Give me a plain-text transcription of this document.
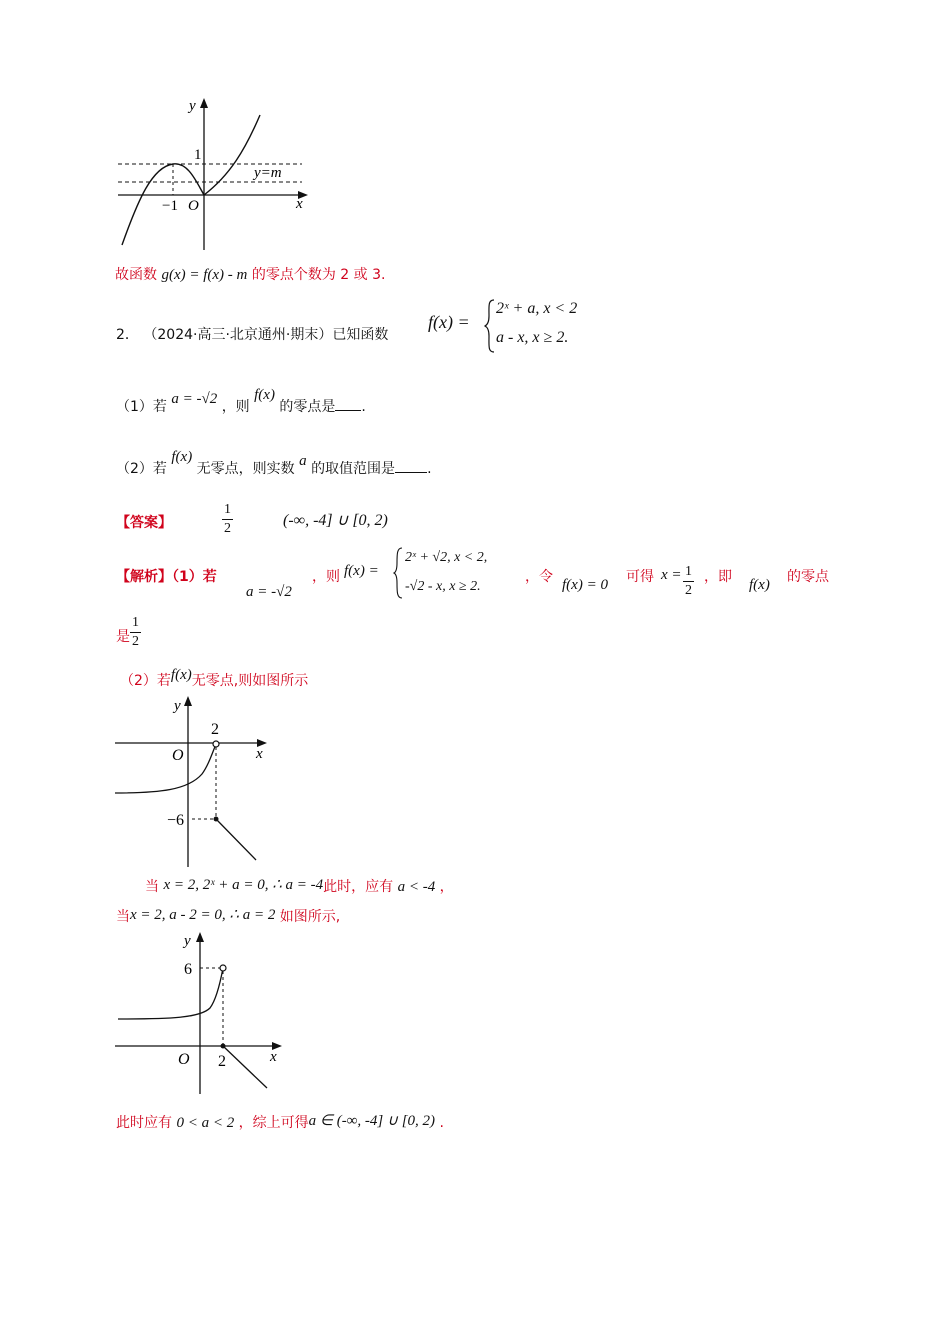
y
x
1
−1 O
y=m
故函数 g(x) = f(x) - m 的零点个数为 2 或 3.
2． （2024·高三·北京通州·期末）已知函数
f(x) =
2ˣ + a, x < 2
a - x, x ≥ 2.
（1）若 a = -√2 ，则 f(x) 的零点是 .
（2）若 f(x) 无零点，则实数 a 的取值范围是 .
【答案】	$\frac{1}{2}$	(-∞, -4] ∪ [0, 2)
【解析】（1）若
a = -√2
，则 f(x) =
2ˣ + √2, x < 2,
-√2 - x, x ≥ 2.
，令 f(x) = 0 可得 $x = \frac{1}{2}$ ，即 f(x) 的零点
是 $\frac{1}{2}$
（2）若f(x)无零点,则如图所示
y
x
O
2
−6
当 x = 2, 2ˣ + a = 0, ∴ a = -4此时，应有 a < -4 ，
当x = 2, a - 2 = 0, ∴ a = 2 如图所示,
y
x
O 2
6
此时应有 0 < a < 2 ，综上可得a ∈ (-∞, -4] ∪ [0, 2) .
